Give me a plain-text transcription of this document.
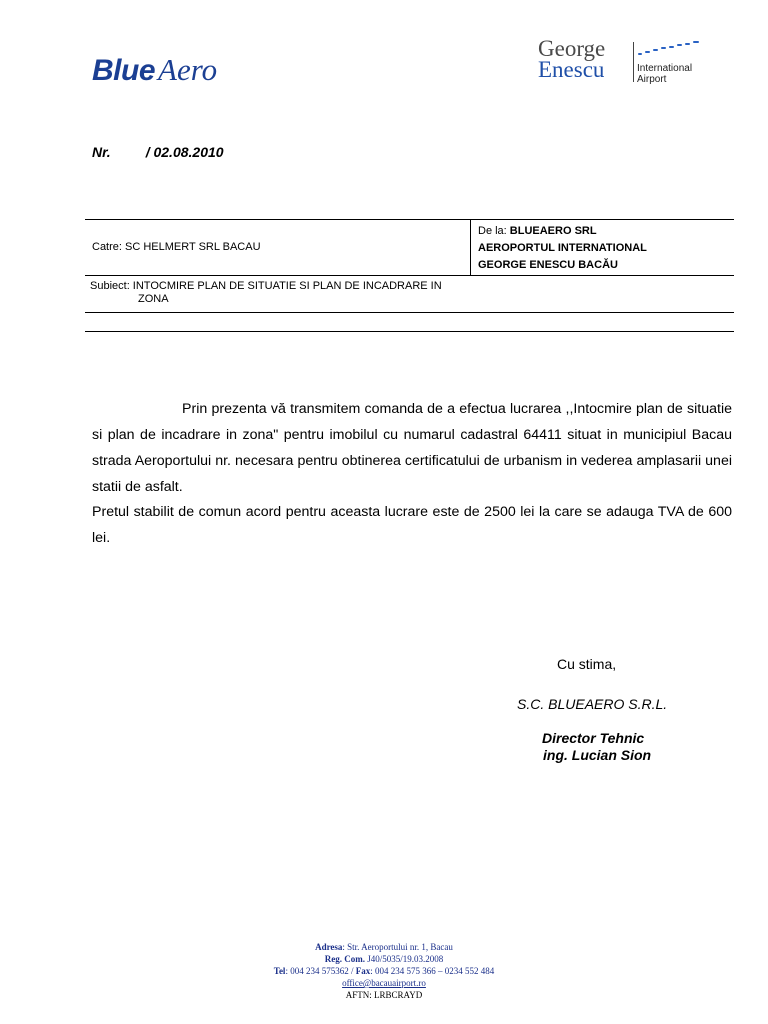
BlueAero
George
Enescu	International
Airport
Nr.	/ 02.08.2010
Catre: SC HELMERT SRL BACAU
De la: BLUEAERO SRL
AEROPORTUL INTERNATIONAL
GEORGE ENESCU BACĂU
Subiect: INTOCMIRE PLAN DE SITUATIE SI PLAN DE INCADRARE IN
ZONA
Prin prezenta vă transmitem comanda de a efectua lucrarea ,,Intocmire plan de situatie si plan de incadrare in zona" pentru imobilul cu numarul cadastral 64411 situat in municipiul Bacau strada Aeroportului nr. necesara pentru obtinerea certificatului de urbanism in vederea amplasarii unei statii de asfalt.
Pretul stabilit de comun acord pentru aceasta lucrare este de 2500 lei la care se adauga TVA de 600 lei.
Cu stima,
S.C. BLUEAERO S.R.L.
Director Tehnic
ing. Lucian Sion
Adresa: Str. Aeroportului nr. 1, Bacau
Reg. Com. J40/5035/19.03.2008
Tel: 004 234 575362 / Fax: 004 234 575 366 – 0234 552 484
office@bacauairport.ro
AFTN: LRBCRAYD
